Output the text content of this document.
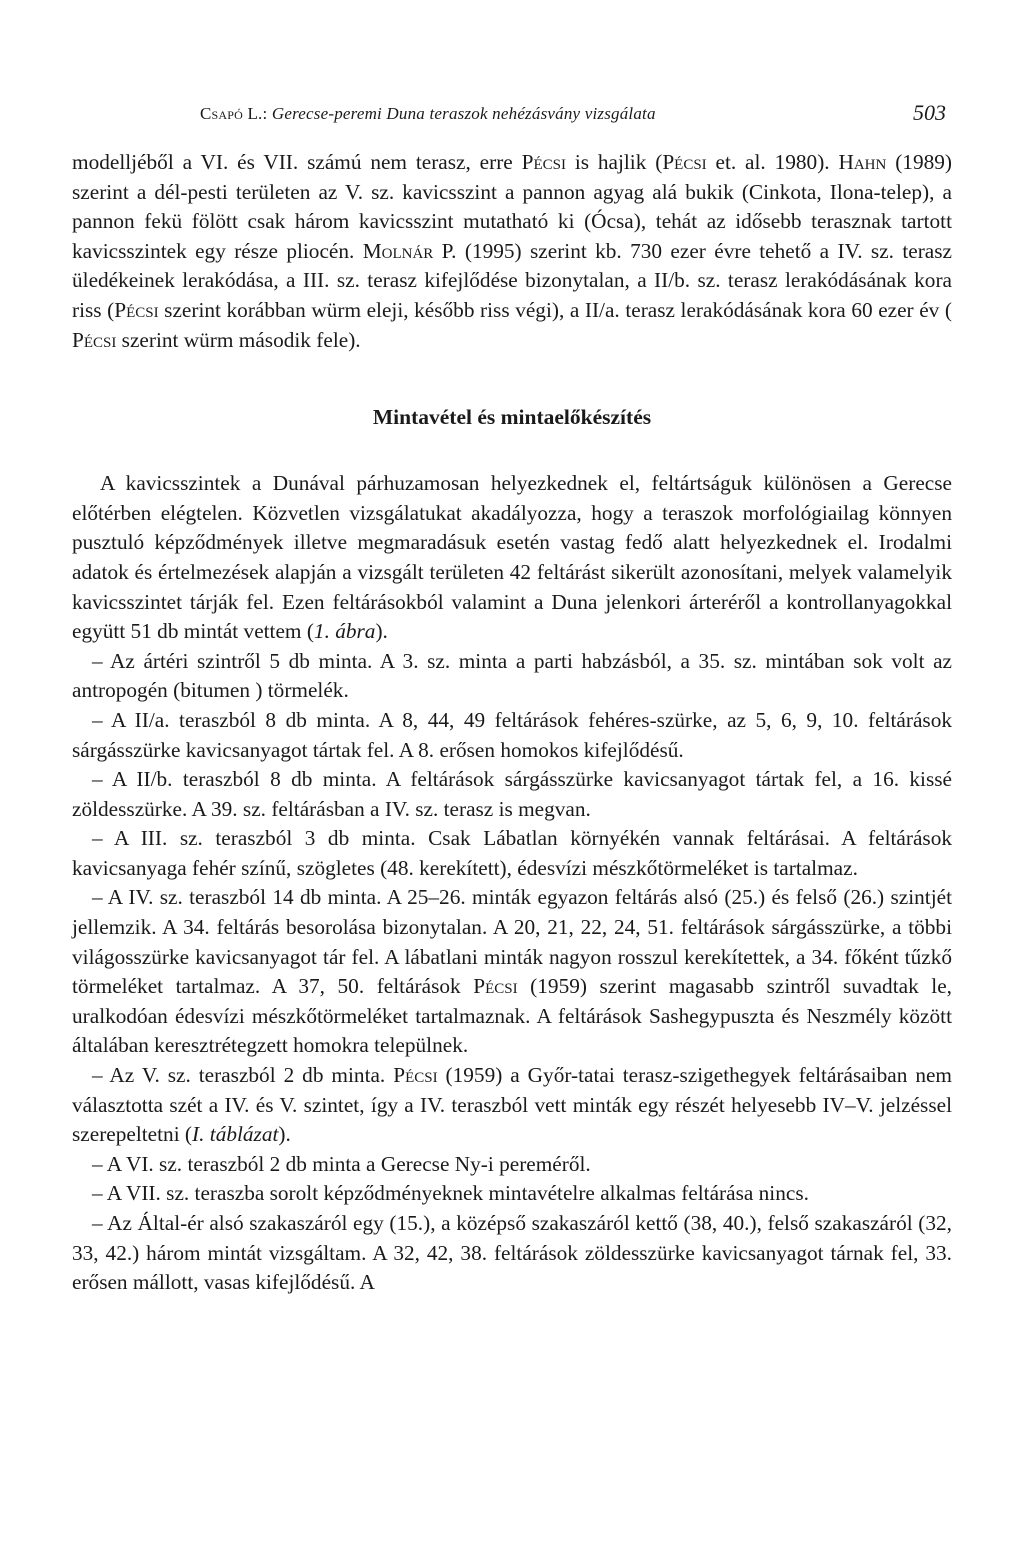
Csapó L.: Gerecse-peremi Duna teraszok nehézásvány vizsgálata	503

modelljéből a VI. és VII. számú nem terasz, erre Pécsi is hajlik (Pécsi et. al. 1980). Hahn (1989) szerint a dél-pesti területen az V. sz. kavicsszint a pannon agyag alá bukik (Cinkota, Ilona-telep), a pannon fekü fölött csak három kavicsszint mutatható ki (Ócsa), tehát az idősebb terasznak tartott kavicsszintek egy része pliocén. Molnár P. (1995) szerint kb. 730 ezer évre tehető a IV. sz. terasz üledékeinek lerakódása, a III. sz. terasz kifejlődése bizonytalan, a II/b. sz. terasz lerakódásának kora riss (Pécsi szerint korábban würm eleji, később riss végi), a II/a. terasz lerakódásának kora 60 ezer év ( Pécsi szerint würm második fele).

Mintavétel és mintaelőkészítés

A kavicsszintek a Dunával párhuzamosan helyezkednek el, feltártságuk különösen a Gerecse előtérben elégtelen. Közvetlen vizsgálatukat akadályozza, hogy a teraszok morfológiailag könnyen pusztuló képződmények illetve megmaradásuk esetén vastag fedő alatt helyezkednek el. Irodalmi adatok és értelmezések alapján a vizsgált területen 42 feltárást sikerült azonosítani, melyek valamelyik kavicsszintet tárják fel. Ezen feltárásokból valamint a Duna jelenkori árteréről a kontrollanyagokkal együtt 51 db mintát vettem (1. ábra).

– Az ártéri szintről 5 db minta. A 3. sz. minta a parti habzásból, a 35. sz. mintában sok volt az antropogén (bitumen ) törmelék.

– A II/a. teraszból 8 db minta. A 8, 44, 49 feltárások fehéres-szürke, az 5, 6, 9, 10. feltárások sárgásszürke kavicsanyagot tártak fel. A 8. erősen homokos kifejlődésű.

– A II/b. teraszból 8 db minta. A feltárások sárgásszürke kavicsanyagot tártak fel, a 16. kissé zöldesszürke. A 39. sz. feltárásban a IV. sz. terasz is megvan.

– A III. sz. teraszból 3 db minta. Csak Lábatlan környékén vannak feltárásai. A feltárások kavicsanyaga fehér színű, szögletes (48. kerekített), édesvízi mészkőtörmeléket is tartalmaz.

– A IV. sz. teraszból 14 db minta. A 25–26. minták egyazon feltárás alsó (25.) és felső (26.) szintjét jellemzik. A 34. feltárás besorolása bizonytalan. A 20, 21, 22, 24, 51. feltárások sárgásszürke, a többi világosszürke kavicsanyagot tár fel. A lábatlani minták nagyon rosszul kerekítettek, a 34. főként tűzkő törmeléket tartalmaz. A 37, 50. feltárások Pécsi (1959) szerint magasabb szintről suvadtak le, uralkodóan édesvízi mészkőtörmeléket tartalmaznak. A feltárások Sashegypuszta és Neszmély között általában keresztrétegzett homokra települnek.

– Az V. sz. teraszból 2 db minta. Pécsi (1959) a Győr-tatai terasz-szigethegyek feltárásaiban nem választotta szét a IV. és V. szintet, így a IV. teraszból vett minták egy részét helyesebb IV–V. jelzéssel szerepeltetni (I. táblázat).

– A VI. sz. teraszból 2 db minta a Gerecse Ny-i pereméről.

– A VII. sz. teraszba sorolt képződményeknek mintavételre alkalmas feltárása nincs.

– Az Által-ér alsó szakaszáról egy (15.), a középső szakaszáról kettő (38, 40.), felső szakaszáról (32, 33, 42.) három mintát vizsgáltam. A 32, 42, 38. feltárások zöldesszürke kavicsanyagot tárnak fel, 33. erősen mállott, vasas kifejlődésű. A
